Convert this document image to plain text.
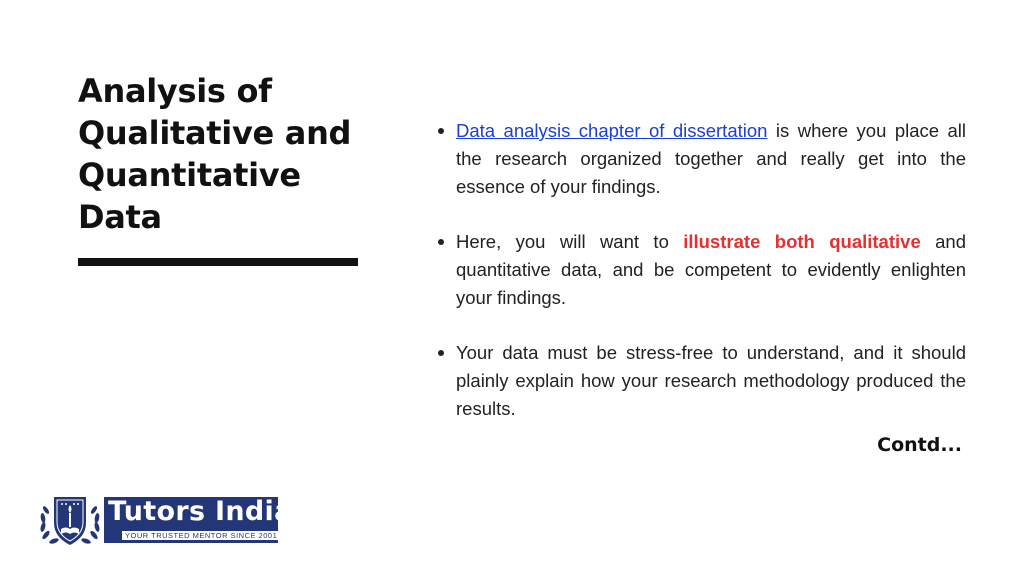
Analysis of Qualitative and Quantitative Data
Data analysis chapter of dissertation is where you place all the research organized together and really get into the essence of your findings.
Here, you will want to illustrate both qualitative and quantitative data, and be competent to evidently enlighten your findings.
Your data must be stress-free to understand, and it should plainly explain how your research methodology produced the results.
Contd...
Tutors India
YOUR TRUSTED MENTOR SINCE 2001
